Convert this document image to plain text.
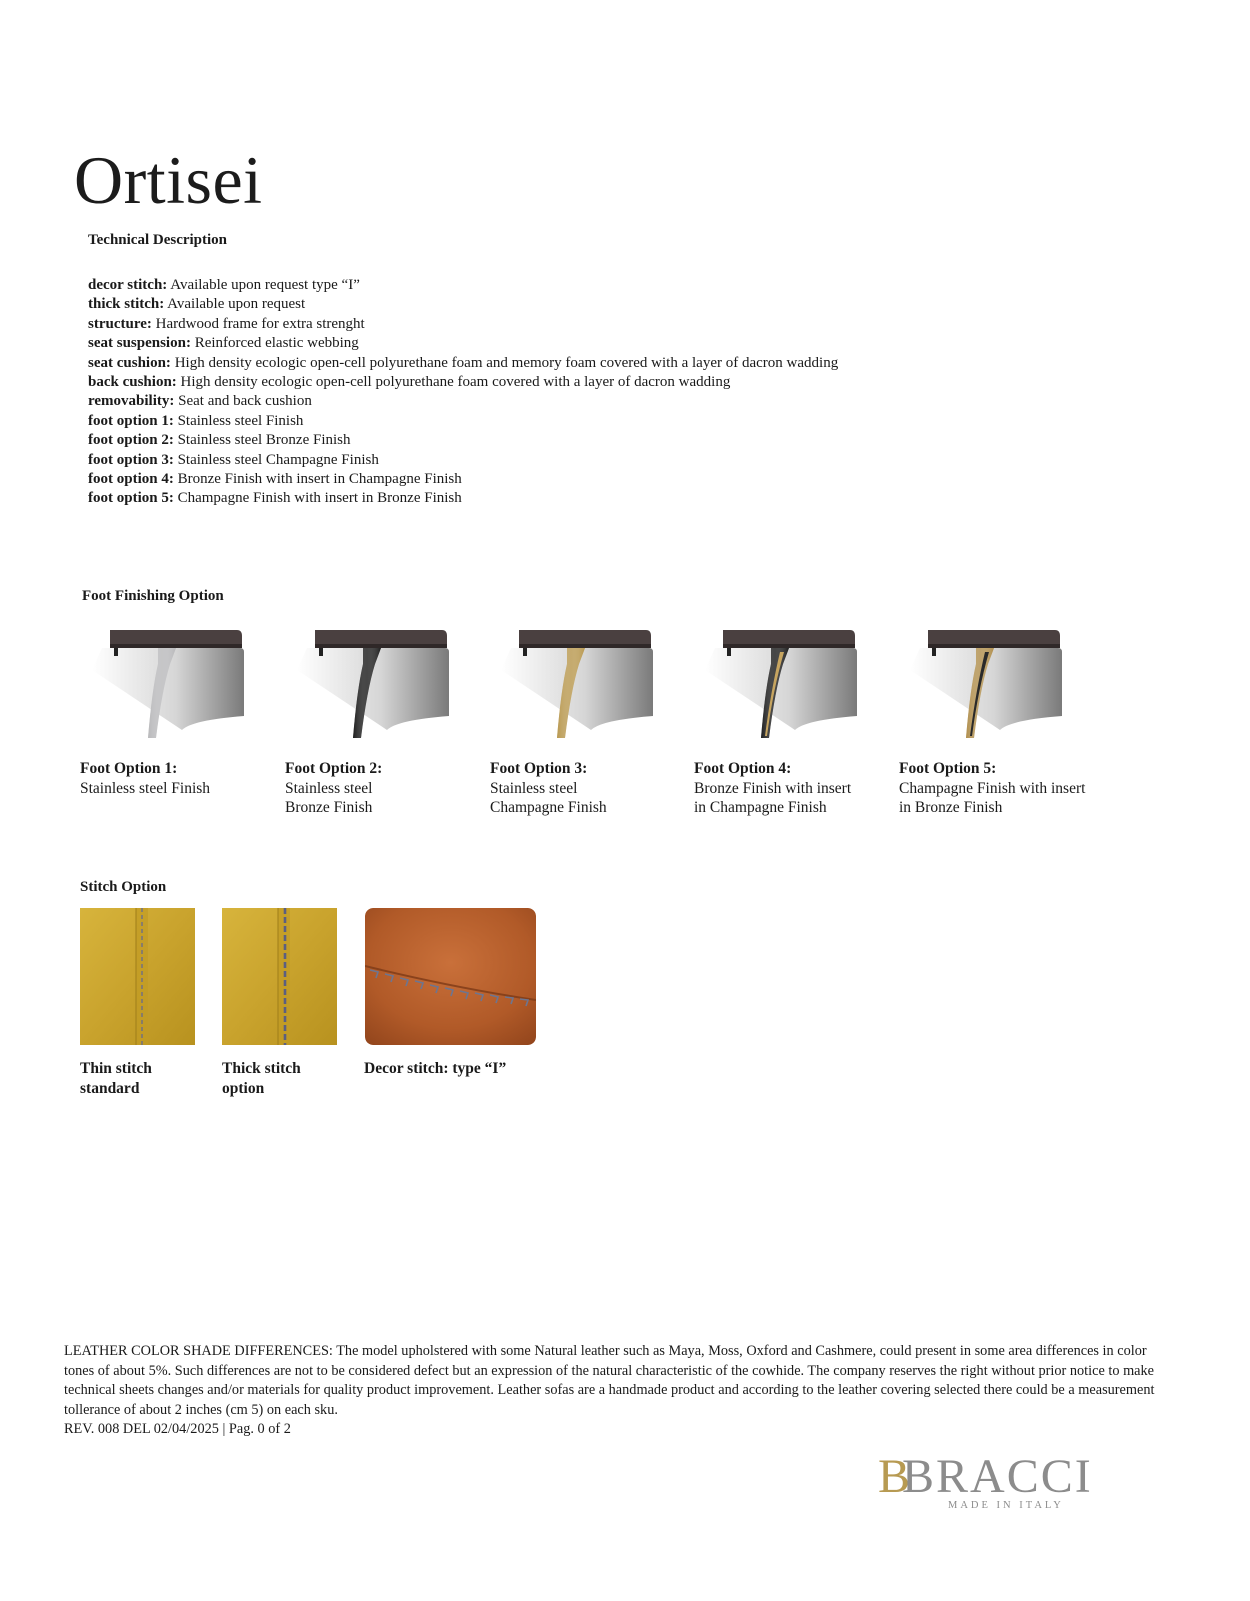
Ortisei
Technical Description
decor stitch: Available upon request type “I”
thick stitch: Available upon request
structure: Hardwood frame for extra strenght
seat suspension: Reinforced elastic webbing
seat cushion: High density ecologic open-cell polyurethane foam and memory foam covered with a layer of dacron wadding
back cushion: High density ecologic open-cell polyurethane foam covered with a layer of dacron wadding
removability: Seat and back cushion
foot option 1: Stainless steel Finish
foot option 2: Stainless steel Bronze Finish
foot option 3: Stainless steel Champagne Finish
foot option 4: Bronze Finish with insert in Champagne Finish
foot option 5: Champagne Finish with insert in Bronze Finish
Foot Finishing Option
Foot Option 1:
Stainless steel Finish

Foot Option 2:
Stainless steel
Bronze Finish
Foot Option 3:
Stainless steel
Champagne Finish
Foot Option 4:
Bronze Finish with insert
in Champagne Finish
Foot Option 5:
Champagne Finish with insert
in Bronze Finish
Stitch Option
Thin stitch
standard
Thick stitch
option
Decor stitch: type “I”
LEATHER COLOR SHADE DIFFERENCES: The model upholstered with some Natural leather such as Maya, Moss, Oxford and Cashmere, could present in some area differences in color tones of about 5%. Such differences are not to be considered defect but an expression of the natural characteristic of the cowhide. The company reserves the right without prior notice to make technical sheets changes and/or materials for quality product improvement. Leather sofas are a handmade product and according to the leather covering selected there could be a measurement tollerance of about 2 inches (cm 5) on each sku.
REV. 008 DEL 02/04/2025 | Pag. 0 of 2
B
BRACCI
MADE IN ITALY
